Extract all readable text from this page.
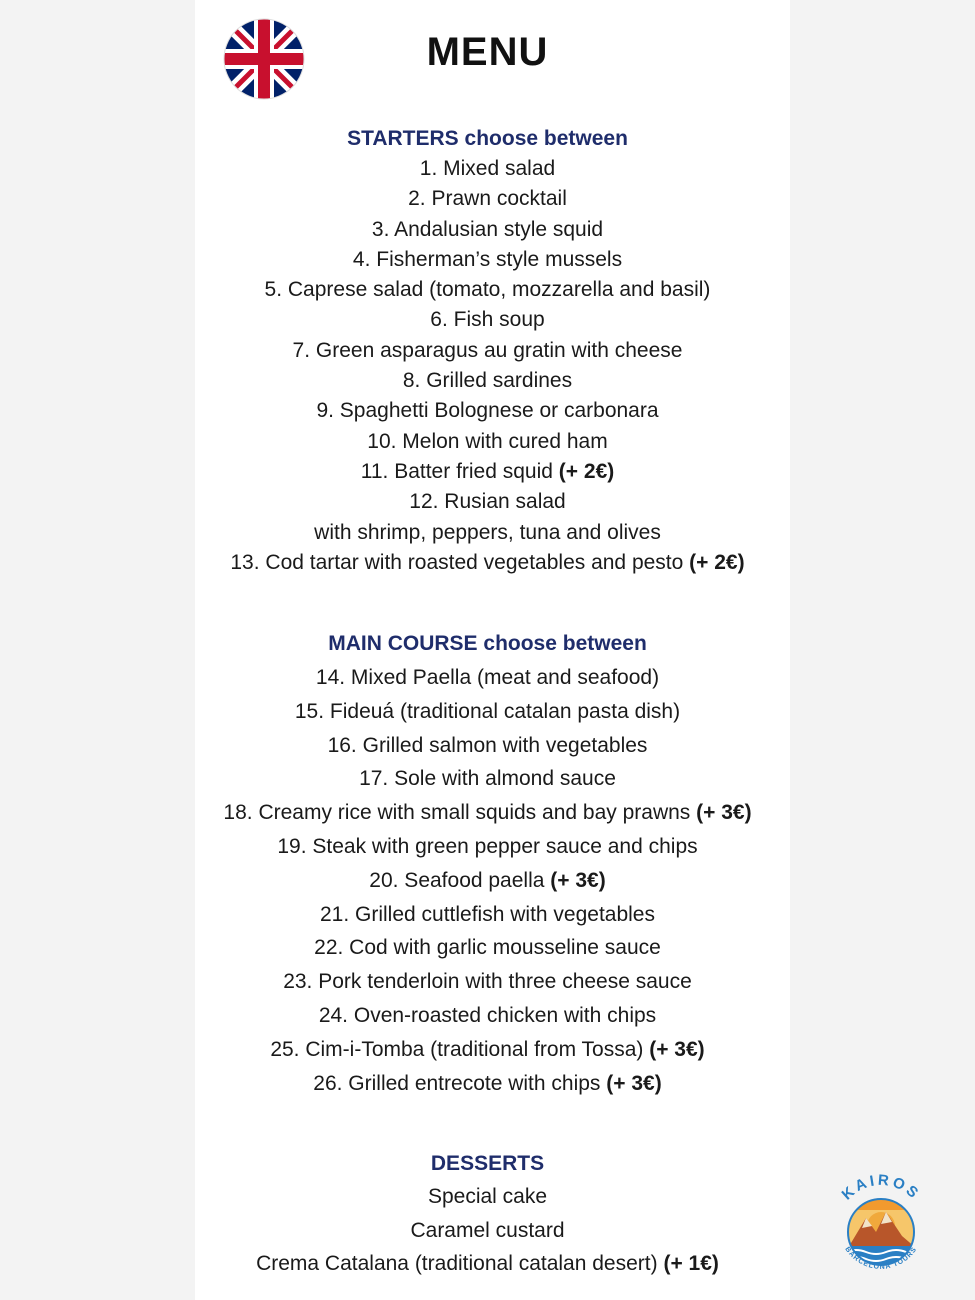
MENU
STARTERS choose between
1. Mixed salad
2. Prawn cocktail
3. Andalusian style squid
4. Fisherman’s style mussels
5. Caprese salad (tomato, mozzarella and basil)
6. Fish soup
7. Green asparagus au gratin with cheese
8. Grilled sardines
9. Spaghetti Bolognese or carbonara
10. Melon with cured ham
11. Batter fried squid (+ 2€)
12. Rusian salad
with shrimp, peppers, tuna and olives
13. Cod tartar with roasted vegetables and pesto (+ 2€)
MAIN COURSE choose between
14. Mixed Paella (meat and seafood)
15. Fideuá (traditional catalan pasta dish)
16. Grilled salmon with vegetables
17. Sole with almond sauce
18. Creamy rice with small squids and bay prawns (+ 3€)
19. Steak with green pepper sauce and chips
20. Seafood paella (+ 3€)
21. Grilled cuttlefish with vegetables
22. Cod with garlic mousseline sauce
23. Pork tenderloin with three cheese sauce
24. Oven-roasted chicken with chips
25. Cim-i-Tomba (traditional from Tossa) (+ 3€)
26. Grilled entrecote with chips (+ 3€)
DESSERTS
Special cake
Caramel custard
Crema Catalana (traditional catalan desert) (+ 1€)
KAIROS
BARCELONA TOURS
